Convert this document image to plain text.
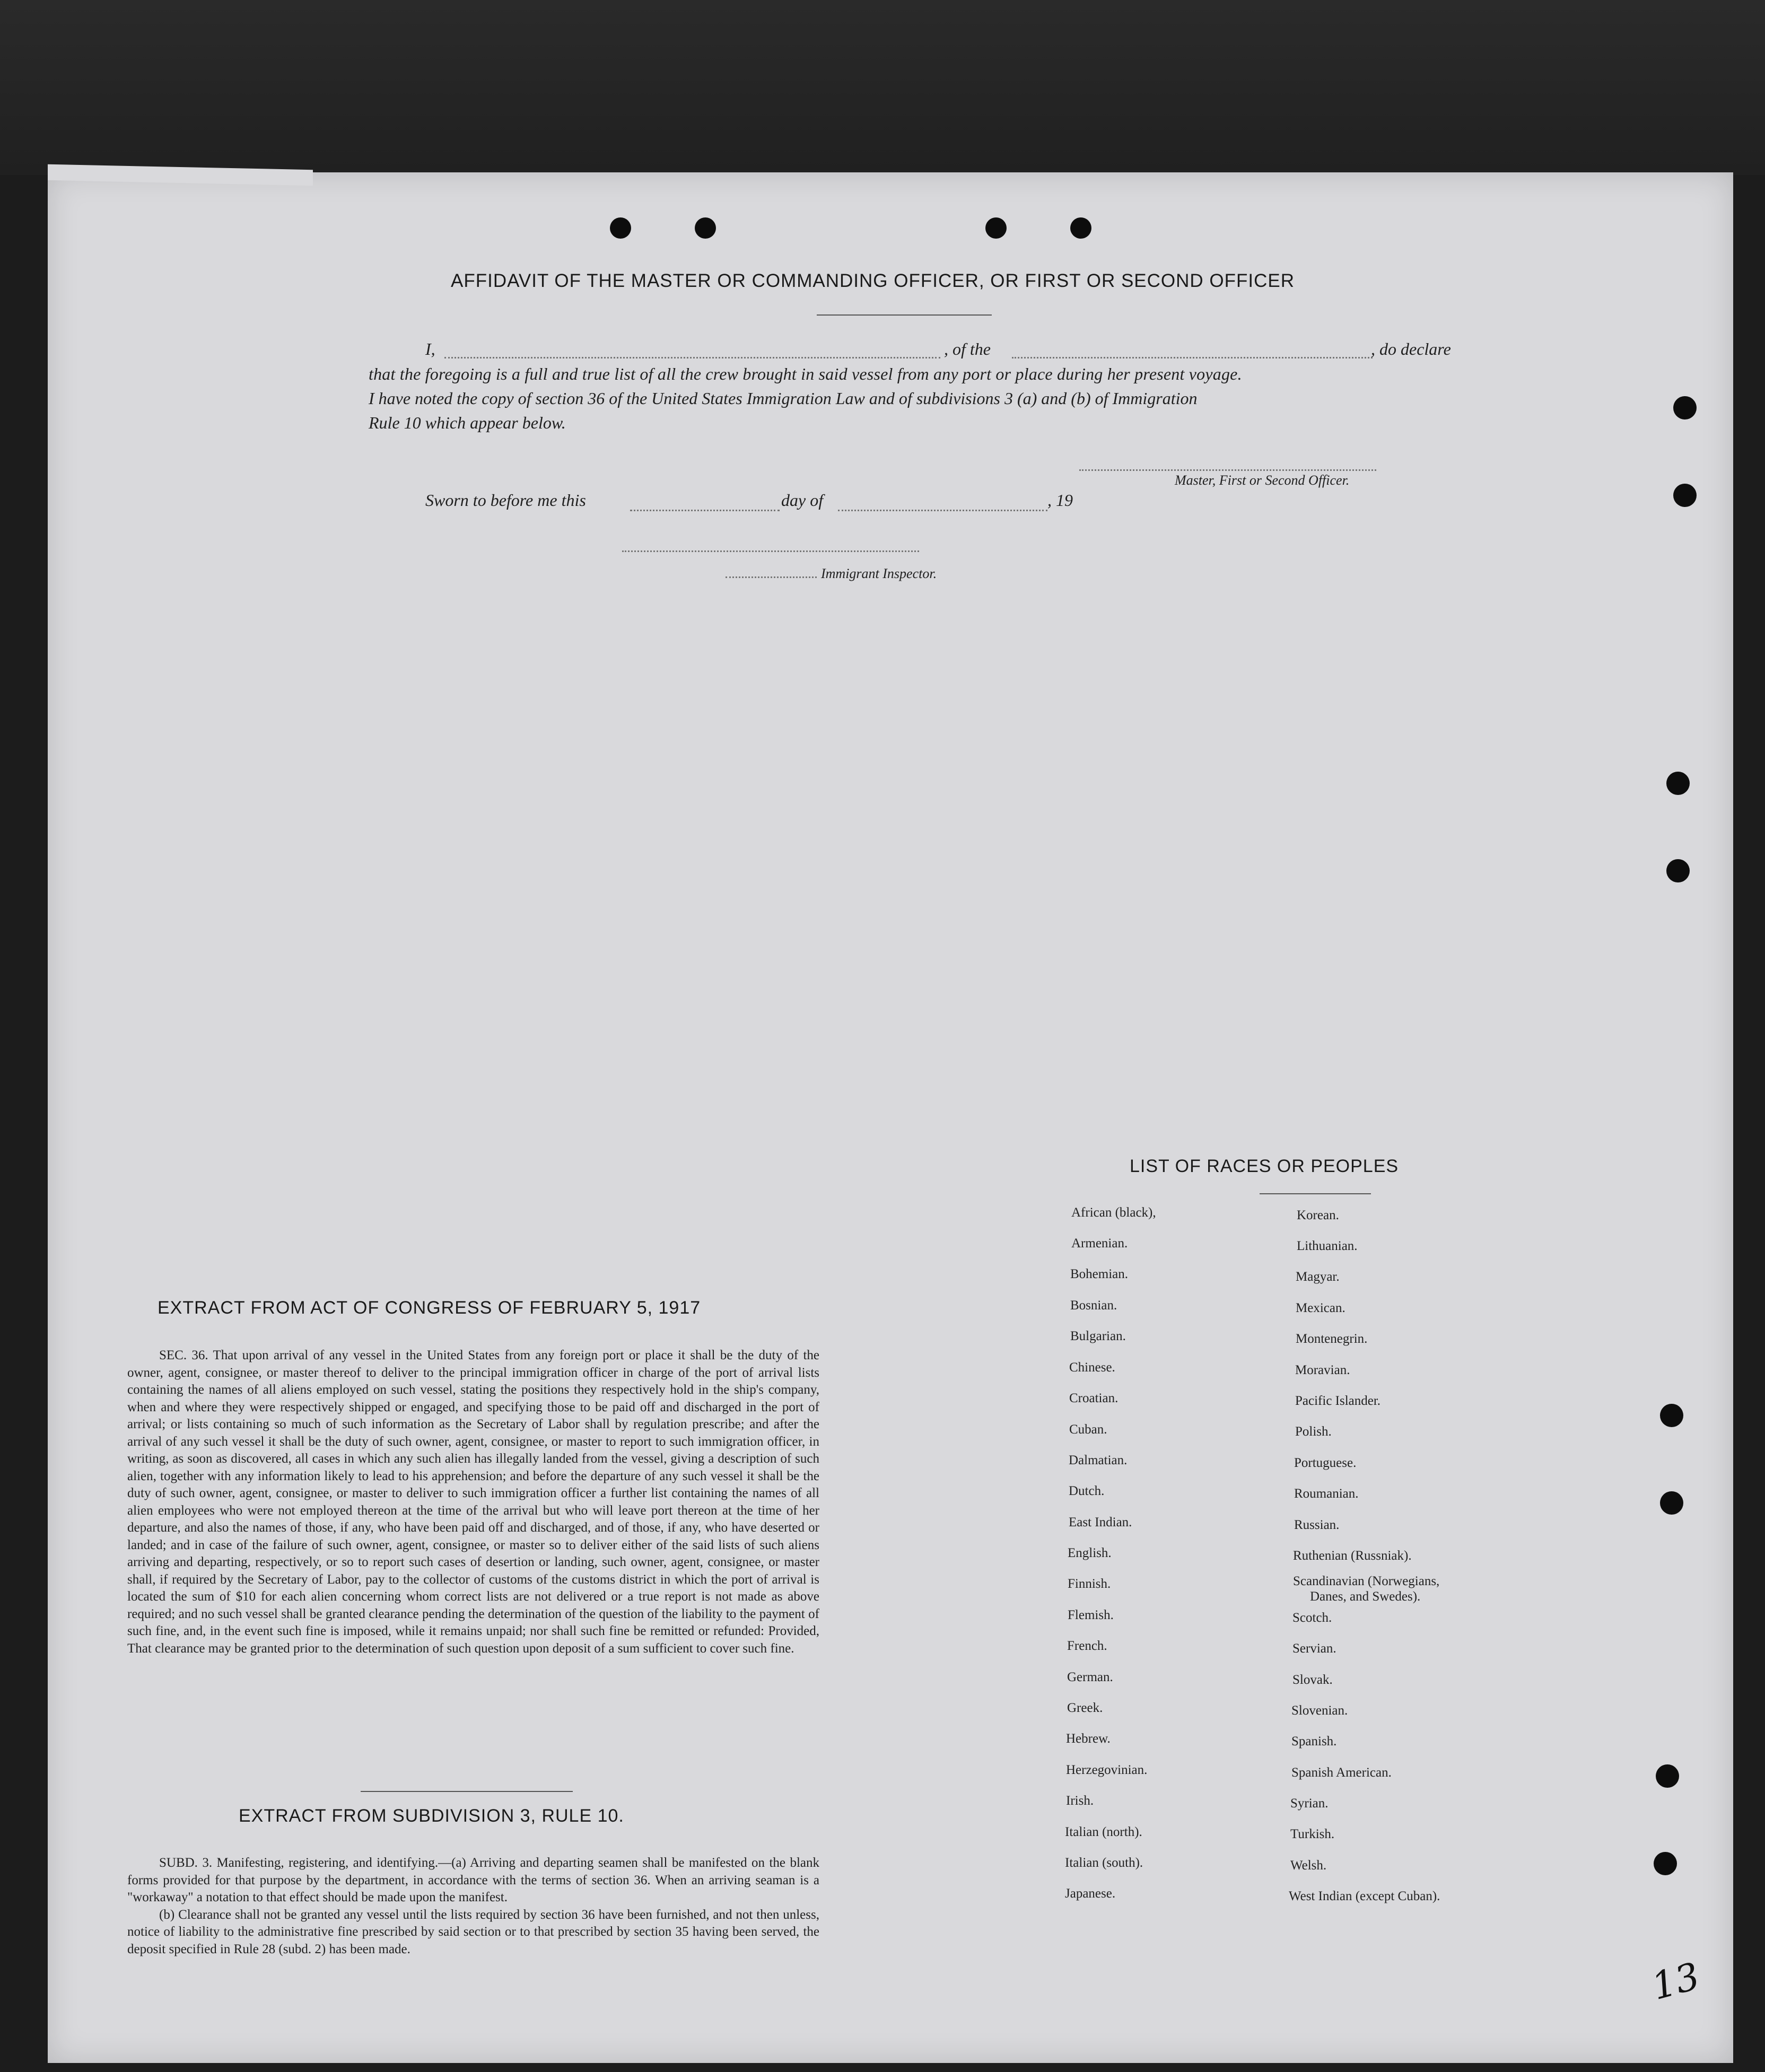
AFFIDAVIT OF THE MASTER OR COMMANDING OFFICER, OR FIRST OR SECOND OFFICER
I,	, of the	, do declare
that the foregoing is a full and true list of all the crew brought in said vessel from any port or place during her present voyage.
I have noted the copy of section 36 of the United States Immigration Law and of subdivisions 3 (a) and (b) of Immigration
Rule 10 which appear below.
Master, First or Second Officer.
Sworn to before me this	day of	, 19
Immigrant Inspector.
EXTRACT FROM ACT OF CONGRESS OF FEBRUARY 5, 1917

SEC. 36. That upon arrival of any vessel in the United States from any foreign port or place it shall be the duty of the owner, agent, consignee, or master thereof to deliver to the principal immigration officer in charge of the port of arrival lists containing the names of all aliens employed on such vessel, stating the positions they respectively hold in the ship's company, when and where they were respectively shipped or engaged, and specifying those to be paid off and discharged in the port of arrival; or lists containing so much of such information as the Secretary of Labor shall by regulation prescribe; and after the arrival of any such vessel it shall be the duty of such owner, agent, consignee, or master to report to such immigration officer, in writing, as soon as discovered, all cases in which any such alien has illegally landed from the vessel, giving a description of such alien, together with any information likely to lead to his apprehension; and before the departure of any such vessel it shall be the duty of such owner, agent, consignee, or master to deliver to such immigration officer a further list containing the names of all alien employees who were not employed thereon at the time of the arrival but who will leave port thereon at the time of her departure, and also the names of those, if any, who have been paid off and discharged, and of those, if any, who have deserted or landed; and in case of the failure of such owner, agent, consignee, or master so to deliver either of the said lists of such aliens arriving and departing, respectively, or so to report such cases of desertion or landing, such owner, agent, consignee, or master shall, if required by the Secretary of Labor, pay to the collector of customs of the customs district in which the port of arrival is located the sum of $10 for each alien concerning whom correct lists are not delivered or a true report is not made as above required; and no such vessel shall be granted clearance pending the determination of the question of the liability to the payment of such fine, and, in the event such fine is imposed, while it remains unpaid; nor shall such fine be remitted or refunded: Provided, That clearance may be granted prior to the determination of such question upon deposit of a sum sufficient to cover such fine.

EXTRACT FROM SUBDIVISION 3, RULE 10.

SUBD. 3. Manifesting, registering, and identifying.—(a) Arriving and departing seamen shall be manifested on the blank forms provided for that purpose by the department, in accordance with the terms of section 36. When an arriving seaman is a "workaway" a notation to that effect should be made upon the manifest.

(b) Clearance shall not be granted any vessel until the lists required by section 36 have been furnished, and not then unless, notice of liability to the administrative fine prescribed by said section or to that prescribed by section 35 having been served, the deposit specified in Rule 28 (subd. 2) has been made.

LIST OF RACES OR PEOPLES
African (black),
Armenian.
Bohemian.
Bosnian.
Bulgarian.
Chinese.
Croatian.
Cuban.
Dalmatian.
Dutch.
East Indian.
English.
Finnish.
Flemish.
French.
German.
Greek.
Hebrew.
Herzegovinian.
Irish.
Italian (north).
Italian (south).
Japanese.
Korean.
Lithuanian.
Magyar.
Mexican.
Montenegrin.
Moravian.
Pacific Islander.
Polish.
Portuguese.
Roumanian.
Russian.
Ruthenian (Russniak).
Scandinavian (Norwegians,
Danes, and Swedes).
Scotch.
Servian.
Slovak.
Slovenian.
Spanish.
Spanish American.
Syrian.
Turkish.
Welsh.
West Indian (except Cuban).
13
